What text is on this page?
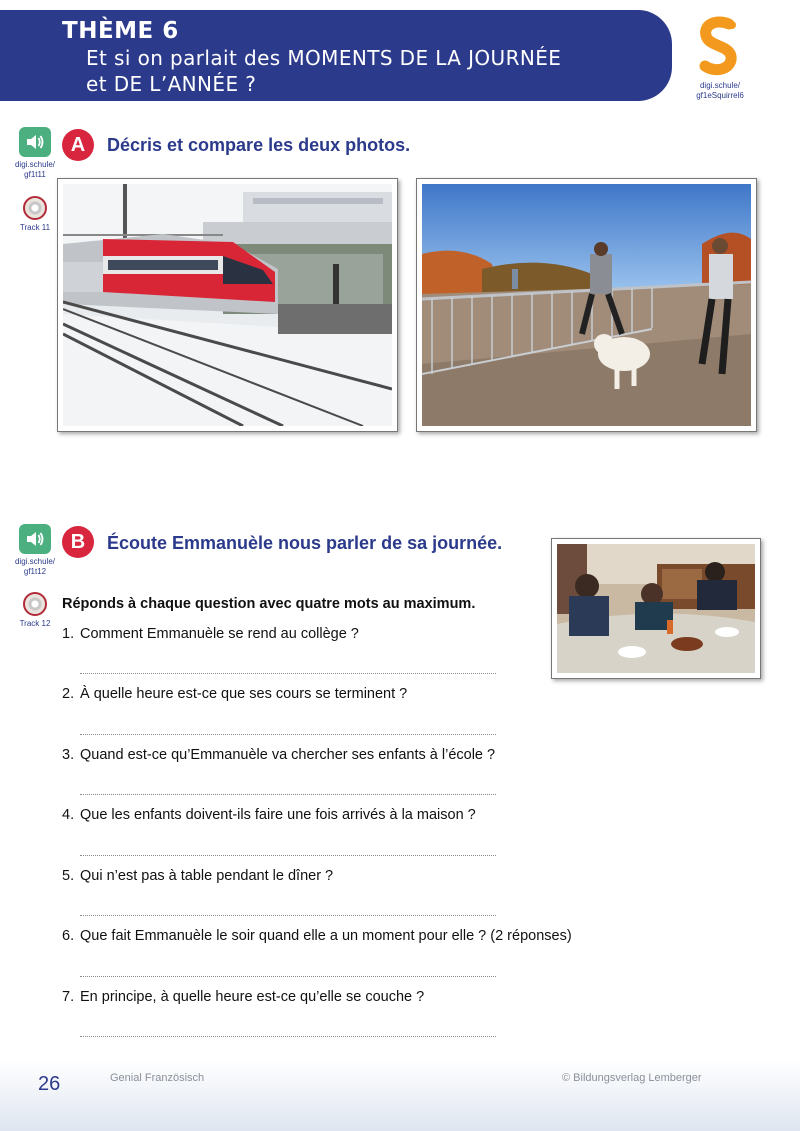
THÈME 6
Et si on parlait des MOMENTS DE LA JOURNÉE
et DE L’ANNÉE ?	digi.schule/
gf1eSquirrel6
digi.schule/
gf1t11
Track 11
A	Décris et compare les deux photos.
digi.schule/
gf1t12
Track 12
B	Écoute Emmanuèle nous parler de sa journée.
Réponds à chaque question avec quatre mots au maximum.
1. Comment Emmanuèle se rend au collège ?
2. À quelle heure est-ce que ses cours se terminent ?
3. Quand est-ce qu’Emmanuèle va chercher ses enfants à l’école ?
4. Que les enfants doivent-ils faire une fois arrivés à la maison ?
5. Qui n’est pas à table pendant le dîner ?
6. Que fait Emmanuèle le soir quand elle a un moment pour elle ? (2 réponses)
7. En principe, à quelle heure est-ce qu’elle se couche ?
26	Genial Französisch	© Bildungsverlag Lemberger
